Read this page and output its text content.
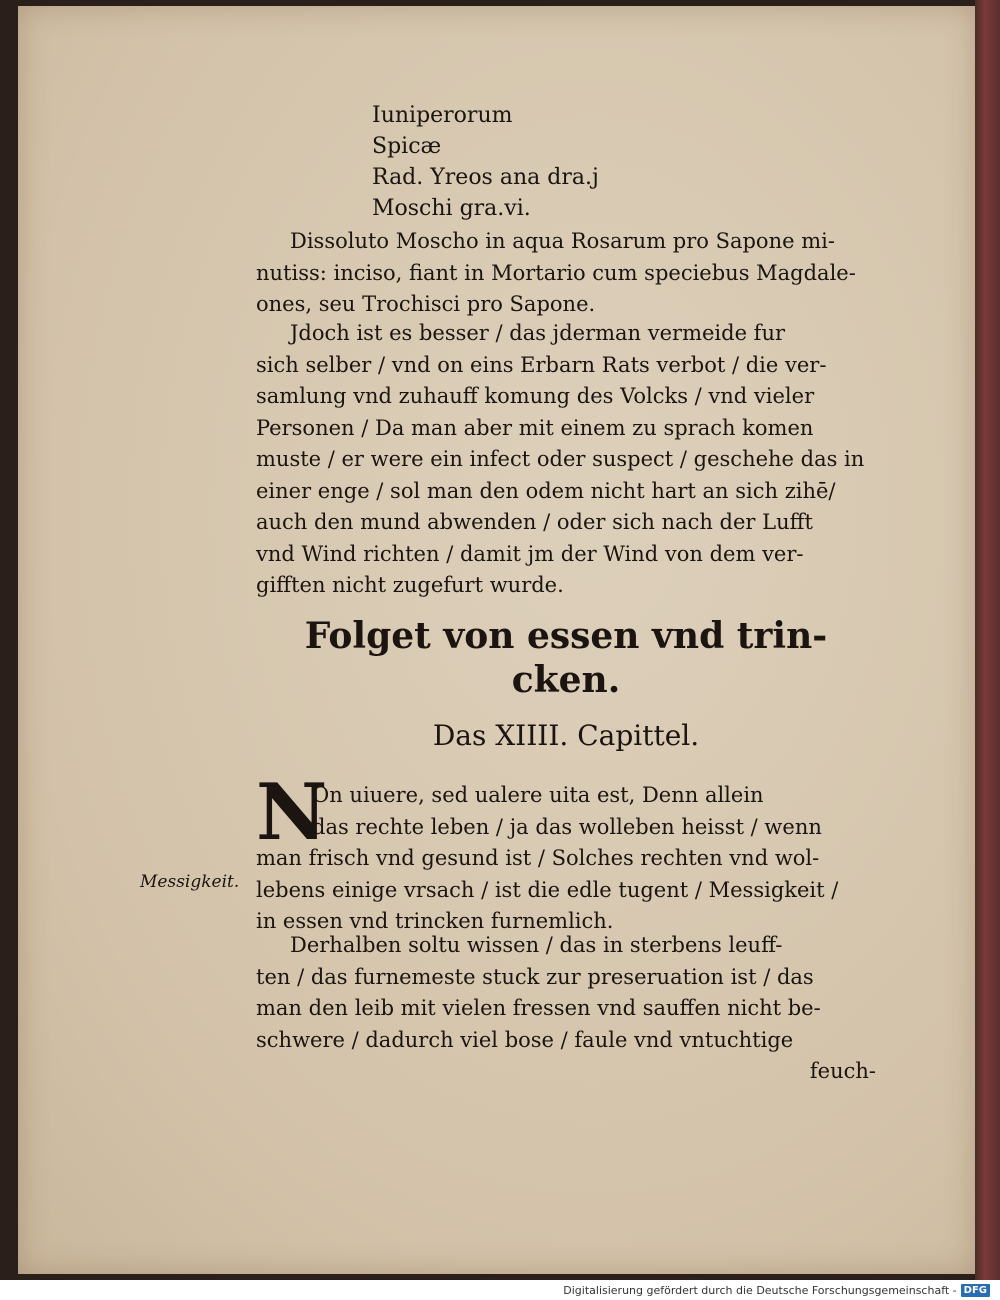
Iuniperorum
Spicæ
Rad. Yreos ana dra.j
Moschi gra.vi.
Dissoluto Moscho in aqua Rosarum pro Sapone mi-
nutiss: inciso, fiant in Mortario cum speciebus Magdale-
ones, seu Trochisci pro Sapone.
Jdoch ist es besser / das jderman vermeide fur
sich selber / vnd on eins Erbarn Rats verbot / die ver-
samlung vnd zuhauff komung des Volcks / vnd vieler
Personen / Da man aber mit einem zu sprach komen
muste / er were ein infect oder suspect / geschehe das in
einer enge / sol man den odem nicht hart an sich zihē/
auch den mund abwenden / oder sich nach der Lufft
vnd Wind richten / damit jm der Wind von dem ver-
gifften nicht zugefurt wurde.
Folget von essen vnd trin-
cken.
Das XIIII. Capittel.
N
On uiuere, sed ualere uita est, Denn allein
das rechte leben / ja das wolleben heisst / wenn
man frisch vnd gesund ist / Solches rechten vnd wol-
lebens einige vrsach / ist die edle tugent / Messigkeit /
in essen vnd trincken furnemlich.
Messigkeit.
Derhalben soltu wissen / das in sterbens leuff-
ten / das furnemeste stuck zur preseruation ist / das
man den leib mit vielen fressen vnd sauffen nicht be-
schwere / dadurch viel bose / faule vnd vntuchtige
feuch-
Digitalisierung gefördert durch die Deutsche Forschungsgemeinschaft - DFG
